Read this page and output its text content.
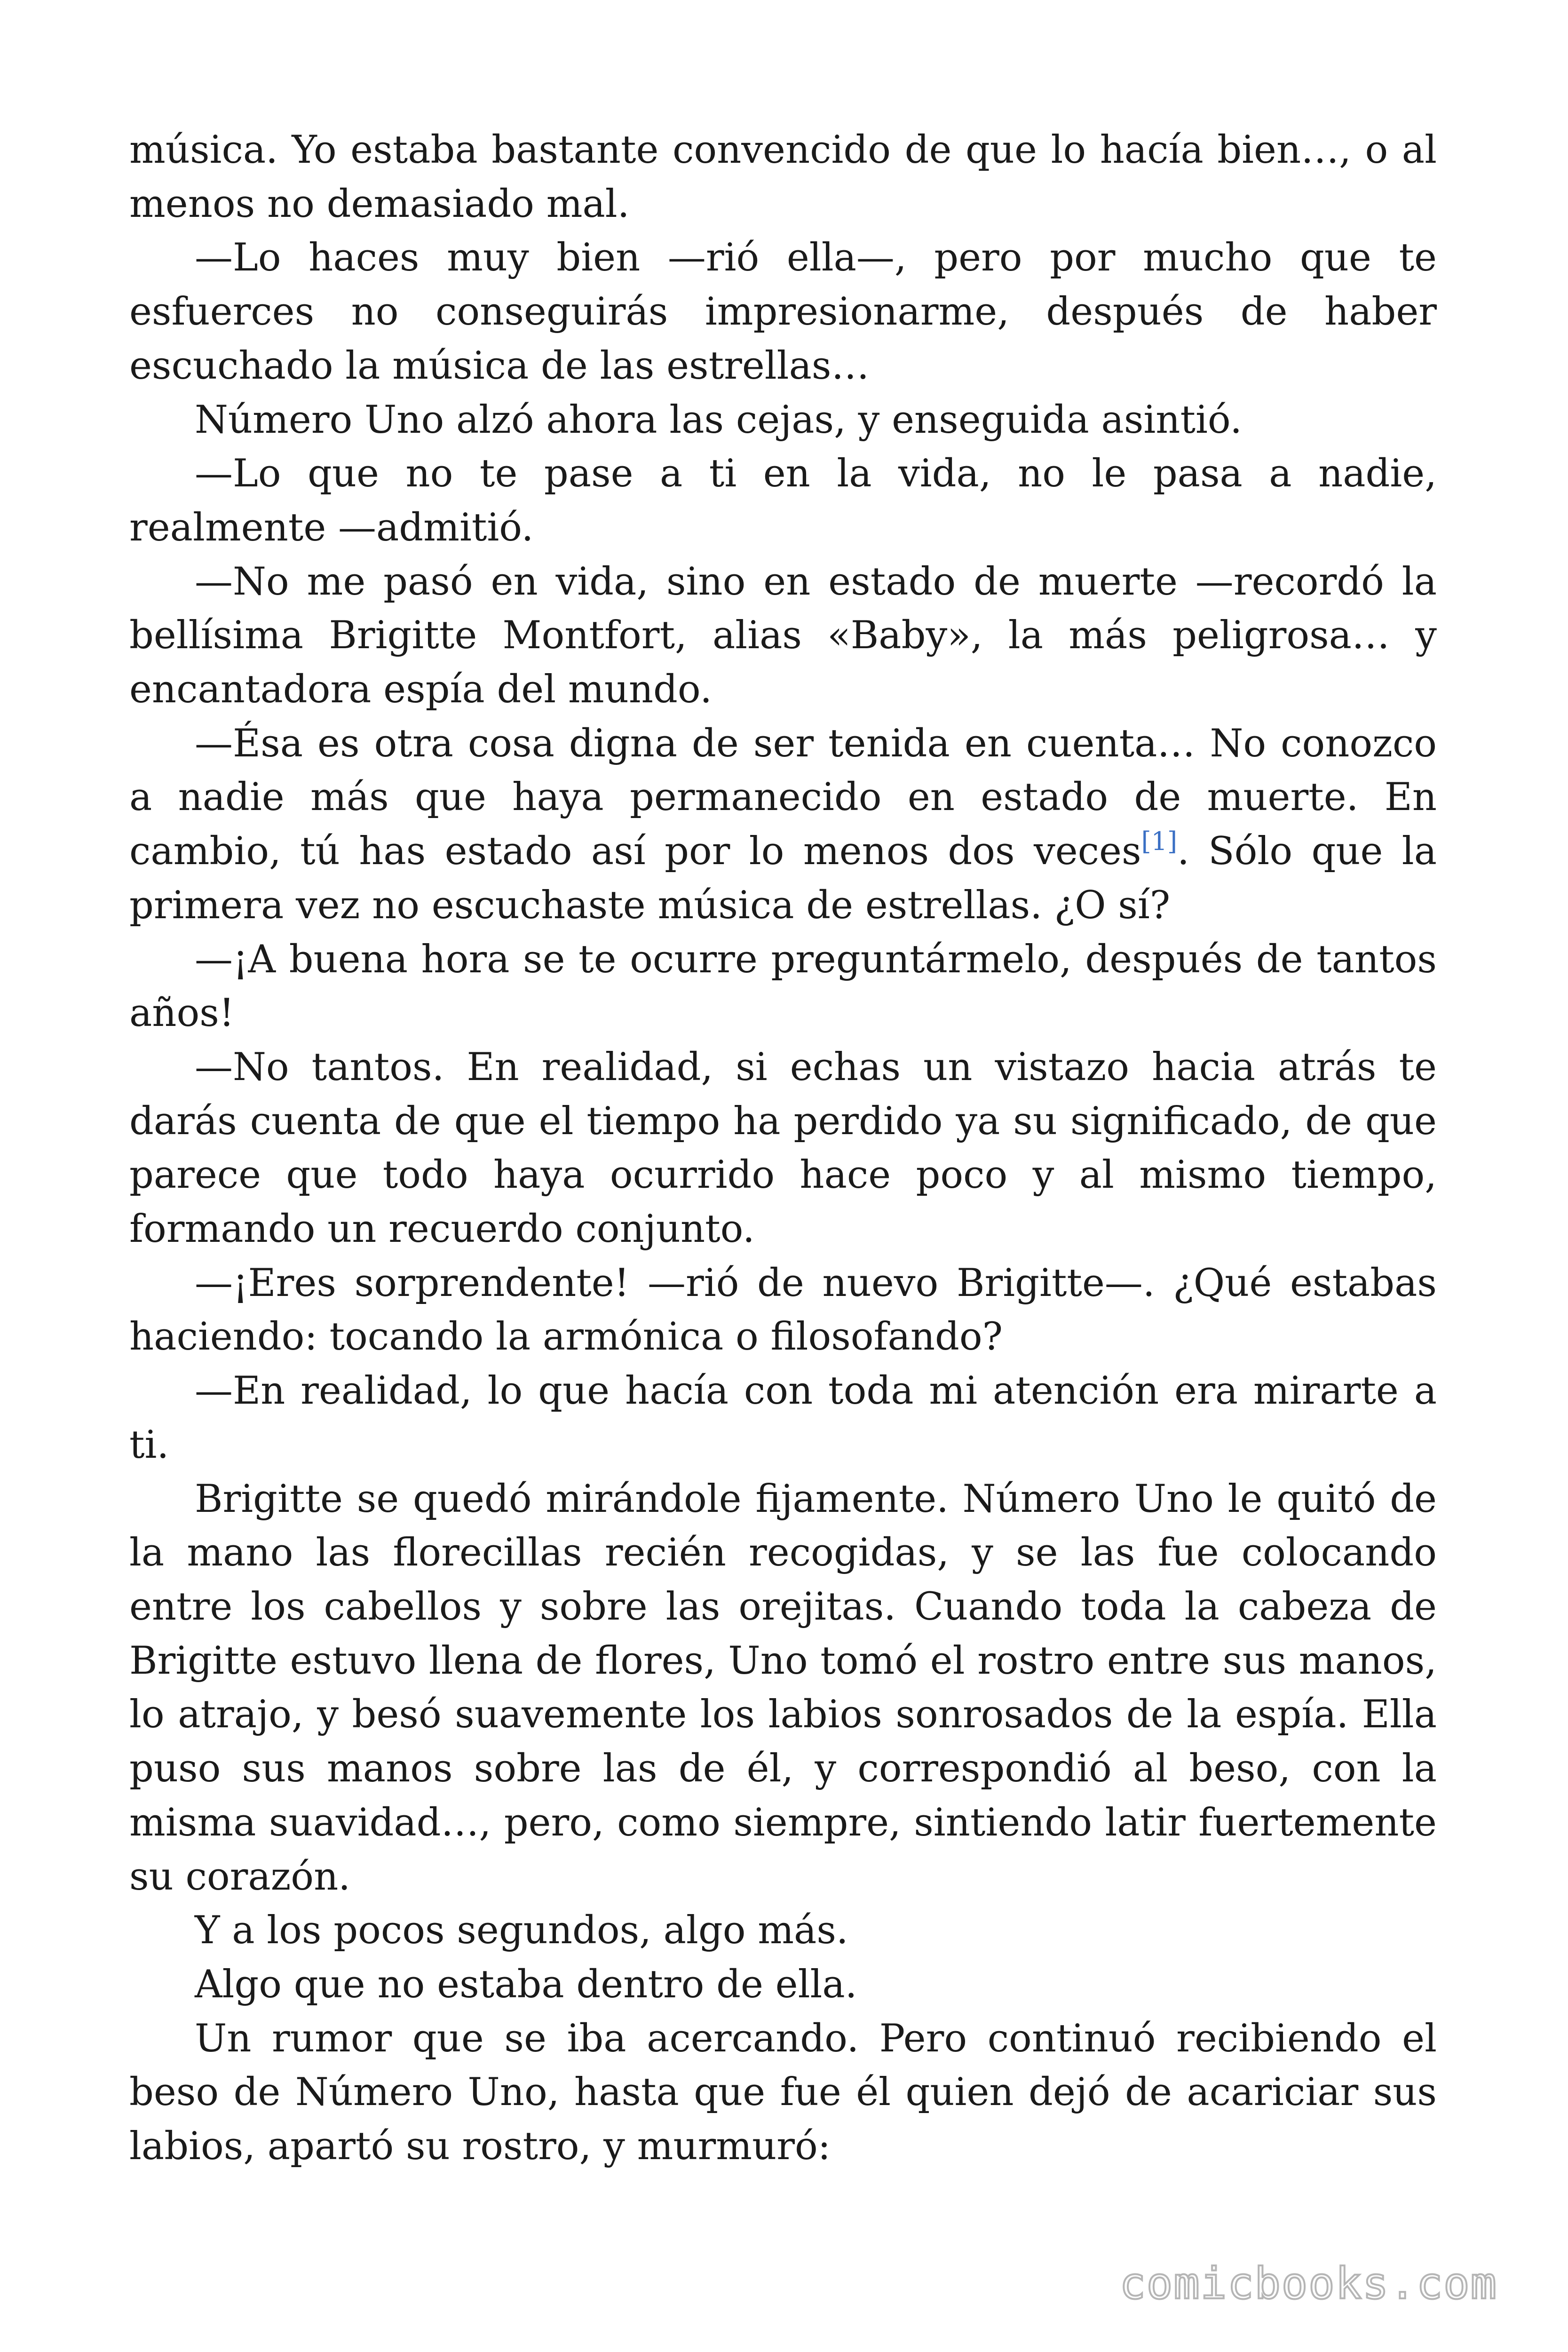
música. Yo estaba bastante convencido de que lo hacía bien…, o al menos no demasiado mal.

—Lo haces muy bien —rió ella—, pero por mucho que te esfuerces no conseguirás impresionarme, después de haber escuchado la música de las estrellas…

Número Uno alzó ahora las cejas, y enseguida asintió.

—Lo que no te pase a ti en la vida, no le pasa a nadie, realmente —admitió.

—No me pasó en vida, sino en estado de muerte —recordó la bellísima Brigitte Montfort, alias «Baby», la más peligrosa… y encantadora espía del mundo.

—Ésa es otra cosa digna de ser tenida en cuenta… No conozco a nadie más que haya permanecido en estado de muerte. En cambio, tú has estado así por lo menos dos veces[1]. Sólo que la primera vez no escuchaste música de estrellas. ¿O sí?

—¡A buena hora se te ocurre preguntármelo, después de tantos años!

—No tantos. En realidad, si echas un vistazo hacia atrás te darás cuenta de que el tiempo ha perdido ya su significado, de que parece que todo haya ocurrido hace poco y al mismo tiempo, formando un recuerdo conjunto.

—¡Eres sorprendente! —rió de nuevo Brigitte—. ¿Qué estabas haciendo: tocando la armónica o filosofando?

—En realidad, lo que hacía con toda mi atención era mirarte a ti.

Brigitte se quedó mirándole fijamente. Número Uno le quitó de la mano las florecillas recién recogidas, y se las fue colocando entre los cabellos y sobre las orejitas. Cuando toda la cabeza de Brigitte estuvo llena de flores, Uno tomó el rostro entre sus manos, lo atrajo, y besó suavemente los labios sonrosados de la espía. Ella puso sus manos sobre las de él, y correspondió al beso, con la misma suavidad…, pero, como siempre, sintiendo latir fuertemente su corazón.

Y a los pocos segundos, algo más.

Algo que no estaba dentro de ella.

Un rumor que se iba acercando. Pero continuó recibiendo el beso de Número Uno, hasta que fue él quien dejó de acariciar sus labios, apartó su rostro, y murmuró:

comicbooks.com
